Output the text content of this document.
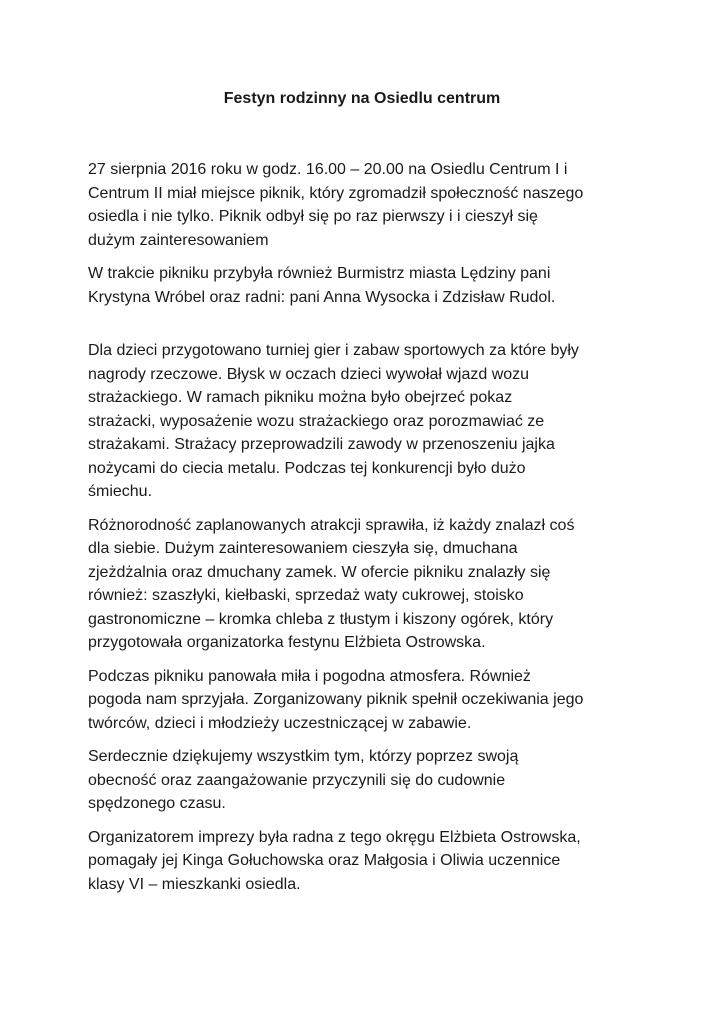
Festyn rodzinny na Osiedlu centrum

27 sierpnia 2016 roku w godz. 16.00 – 20.00 na Osiedlu Centrum I i
Centrum II miał miejsce piknik, który zgromadził społeczność naszego
osiedla i nie tylko. Piknik odbył się po raz pierwszy i i cieszył się
dużym zainteresowaniem

W trakcie pikniku przybyła również Burmistrz miasta Lędziny pani
Krystyna Wróbel oraz radni: pani Anna Wysocka i Zdzisław Rudol.

Dla dzieci przygotowano turniej gier i zabaw sportowych za które były
nagrody rzeczowe. Błysk w oczach dzieci wywołał wjazd wozu
strażackiego. W ramach pikniku można było obejrzeć pokaz
strażacki, wyposażenie wozu strażackiego oraz porozmawiać ze
strażakami. Strażacy przeprowadzili zawody w przenoszeniu jajka
nożycami do ciecia metalu. Podczas tej konkurencji było dużo
śmiechu.

Różnorodność zaplanowanych atrakcji sprawiła, iż każdy znalazł coś
dla siebie. Dużym zainteresowaniem cieszyła się, dmuchana
zjeżdżalnia oraz dmuchany zamek. W ofercie pikniku znalazły się
również: szaszłyki, kiełbaski, sprzedaż waty cukrowej, stoisko
gastronomiczne – kromka chleba z tłustym i kiszony ogórek, który
przygotowała organizatorka festynu Elżbieta Ostrowska.

Podczas pikniku panowała miła i pogodna atmosfera. Również
pogoda nam sprzyjała. Zorganizowany piknik spełnił oczekiwania jego
twórców, dzieci i młodzieży uczestniczącej w zabawie.

Serdecznie dziękujemy wszystkim tym, którzy poprzez swoją
obecność oraz zaangażowanie przyczynili się do cudownie
spędzonego czasu.

Organizatorem imprezy była radna z tego okręgu Elżbieta Ostrowska,
pomagały jej Kinga Gołuchowska oraz Małgosia i Oliwia uczennice
klasy VI – mieszkanki osiedla.
